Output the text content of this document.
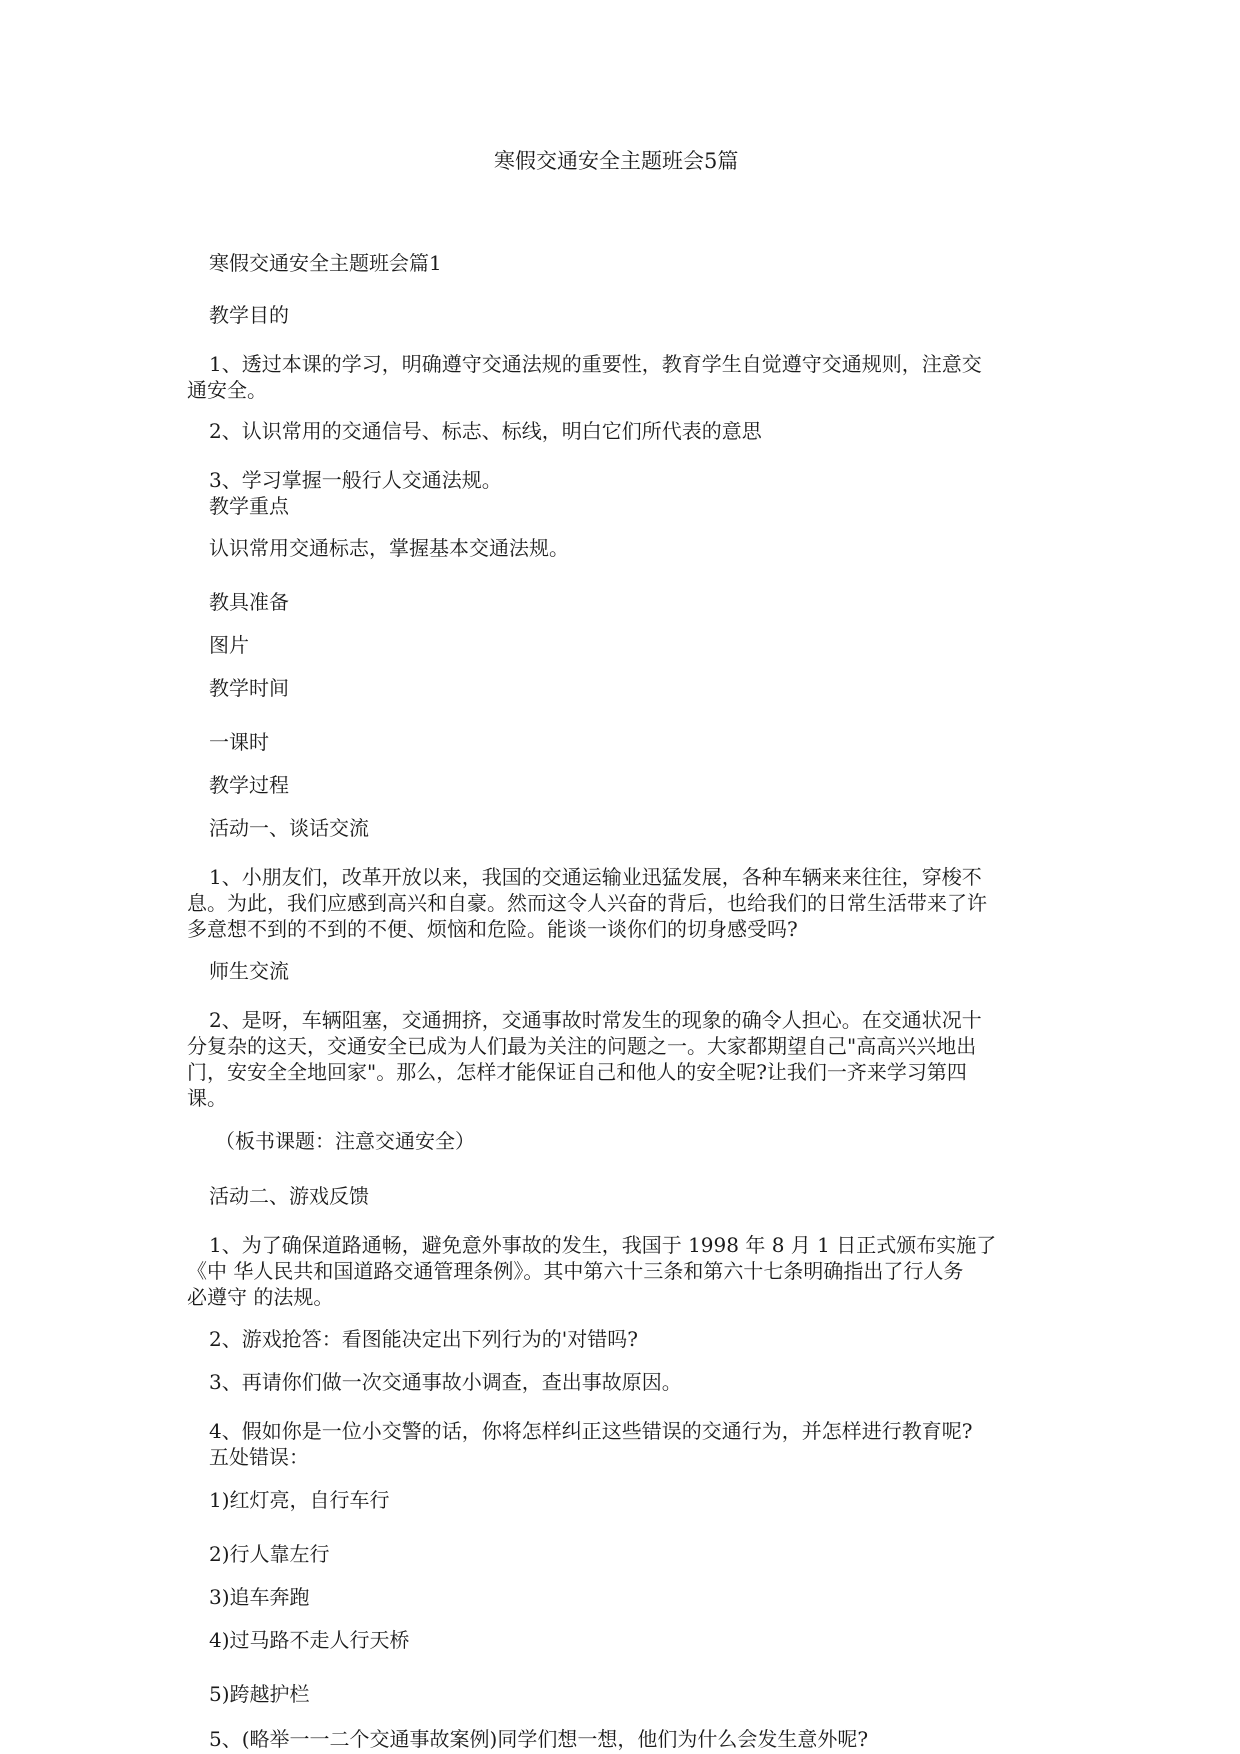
寒假交通安全主题班会5篇

寒假交通安全主题班会篇1

教学目的

1、透过本课的学习，明确遵守交通法规的重要性，教育学生自觉遵守交通规则，注意交

通安全。

2、认识常用的交通信号、标志、标线，明白它们所代表的意思

3、学习掌握一般行人交通法规。

教学重点

认识常用交通标志，掌握基本交通法规。

教具准备

图片

教学时间

一课时

教学过程

活动一、谈话交流

1、小朋友们，改革开放以来，我国的交通运输业迅猛发展，各种车辆来来往往，穿梭不

息。为此，我们应感到高兴和自豪。然而这令人兴奋的背后，也给我们的日常生活带来了许

多意想不到的不到的不便、烦恼和危险。能谈一谈你们的切身感受吗?

师生交流

2、是呀，车辆阻塞，交通拥挤，交通事故时常发生的现象的确令人担心。在交通状况十

分复杂的这天，交通安全已成为人们最为关注的问题之一。大家都期望自己"高高兴兴地出

门，安安全全地回家"。那么，怎样才能保证自己和他人的安全呢?让我们一齐来学习第四

课。

（板书课题：注意交通安全）

活动二、游戏反馈

1、为了确保道路通畅，避免意外事故的发生，我国于 1998 年 8 月 1 日正式颁布实施了

《中 华人民共和国道路交通管理条例》。其中第六十三条和第六十七条明确指出了行人务

必遵守 的法规。

2、游戏抢答：看图能决定出下列行为的'对错吗?

3、再请你们做一次交通事故小调查，查出事故原因。

4、假如你是一位小交警的话，你将怎样纠正这些错误的交通行为，并怎样进行教育呢?

五处错误：

1)红灯亮，自行车行

2)行人靠左行

3)追车奔跑

4)过马路不走人行天桥

5)跨越护栏

5、(略举一一二个交通事故案例)同学们想一想，他们为什么会发生意外呢?
